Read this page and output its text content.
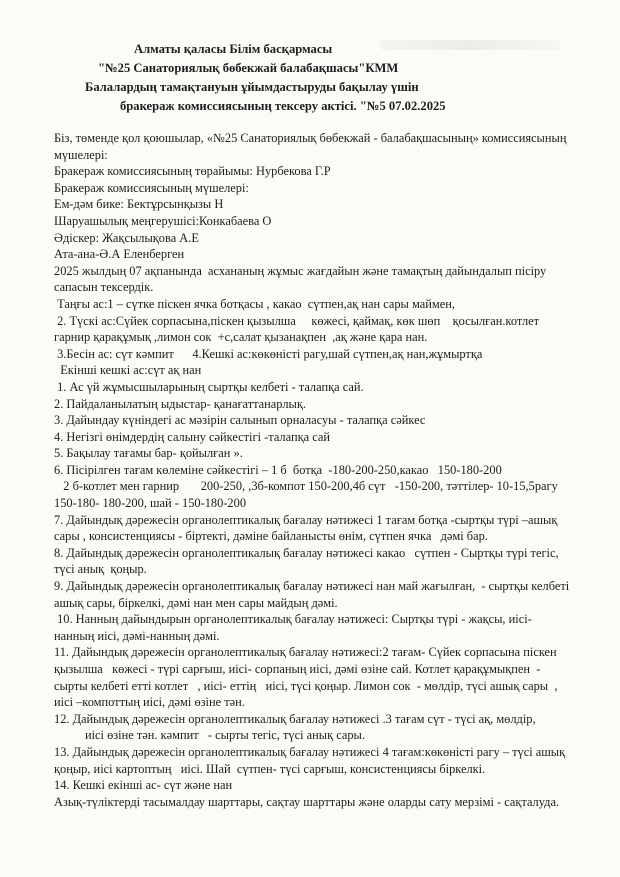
Алматы қаласы Білім басқармасы
"№25 Санаториялық бөбекжай балабақшасы"КММ
Балалардың тамақтануын ұйымдастыруды бақылау үшін
бракераж комиссиясының тексеру актісі. "№5 07.02.2025
Біз, төменде қол қоюшылар, «№25 Санаториялық бөбекжай - балабақшасының» комиссиясының
мүшелері:
Бракераж комиссиясының төрайымы: Нурбекова Г.Р
Бракераж комиссиясының мүшелері:
Ем-дәм бике: Бектұрсынқызы Н
Шаруашылық меңгерушісі:Конкабаева О
Әдіскер: Жақсылықова А.Е
Ата-ана-Ә.А Еленберген
2025 жылдың 07 ақпанында  асхананың жұмыс жағдайын және тамақтың дайындалып пісіру
сапасын тексердік.
Таңғы ас:1 – сүтке піскен ячка ботқасы , какао  сүтпен,ақ нан сары маймен,
2. Түскі ас:Сүйек сорпасына,піскен қызылша     көжесі, қаймақ, көк шөп    қосылған.котлет
гарнир қарақұмық ,лимон сок  +с,салат қызанақпен  ,ақ және қара нан.
3.Бесін ас: сүт кәмпит      4.Кешкі ас:көкөністі рагу,шай сүтпен,ақ нан,жұмыртқа
Екінші кешкі ас:сүт ақ нан
1. Ас үй жұмысшыларының сыртқы келбеті - талапқа сай.
2. Пайдаланылатың ыдыстар- қанағаттанарлық.
3. Дайындау күніндегі ас мәзірін салынып орналасуы - талапқа сәйкес
4. Негізгі өнімдердің салыну сәйкестігі -талапқа сай
5. Бақылау тағамы бар- қойылған ».
6. Пісірілген тағам көлеміне сәйкестігі – 1 б  ботқа  -180-200-250,какао   150-180-200
2 б-котлет мен гарнир       200-250, ,3б-компот 150-200,4б сүт   -150-200, тәттілер- 10-15,5рагу
150-180- 180-200, шай - 150-180-200
7. Дайындық дәрежесін органолептикалық бағалау нәтижесі 1 тағам ботқа -сыртқы түрі –ашық
сары , консистенциясы - біртекті, дәміне байланысты өнім, сүтпен ячка   дәмі бар.
8. Дайындық дәрежесін органолептикалық бағалау нәтижесі какао   сүтпен - Сыртқы түрі тегіс,
түсі анық  қоңыр.
9. Дайындық дәрежесін органолептикалық бағалау нәтижесі нан май жағылған,  - сыртқы келбеті
ашық сары, біркелкі, дәмі нан мен сары майдың дәмі.
10. Нанның дайындырын органолептикалық бағалау нәтижесі: Сыртқы түрі - жақсы, иісі-
нанның иісі, дәмі-нанның дәмі.
11. Дайындық дәрежесін органолептикалық бағалау нәтижесі:2 тағам- Сүйек сорпасына піскен
қызылша   көжесі - түрі сарғыш, иісі- сорпаның иісі, дәмі өзіне сай. Котлет қарақұмықпен  -
сырты келбеті етті котлет   , иісі- еттің   иісі, түсі қоңыр. Лимон сок  - мөлдір, түсі ашық сары  ,
иісі –компоттың иісі, дәмі өзіне тән.
12. Дайындық дәрежесін органолептикалық бағалау нәтижесі .3 тағам сүт - түсі ақ, мөлдір,
иісі өзіне тән. кәмпит   - сырты тегіс, түсі анық сары.
13. Дайындық дәрежесін органолептикалық бағалау нәтижесі 4 тағам:көкөністі рагу – түсі ашық
қоңыр, иісі картоптың   иісі. Шай  сүтпен- түсі сарғыш, консистенциясы біркелкі.
14. Кешкі екінші ас- сүт және нан
Азық-түліктерді тасымалдау шарттары, сақтау шарттары және оларды сату мерзімі - сақталуда.
